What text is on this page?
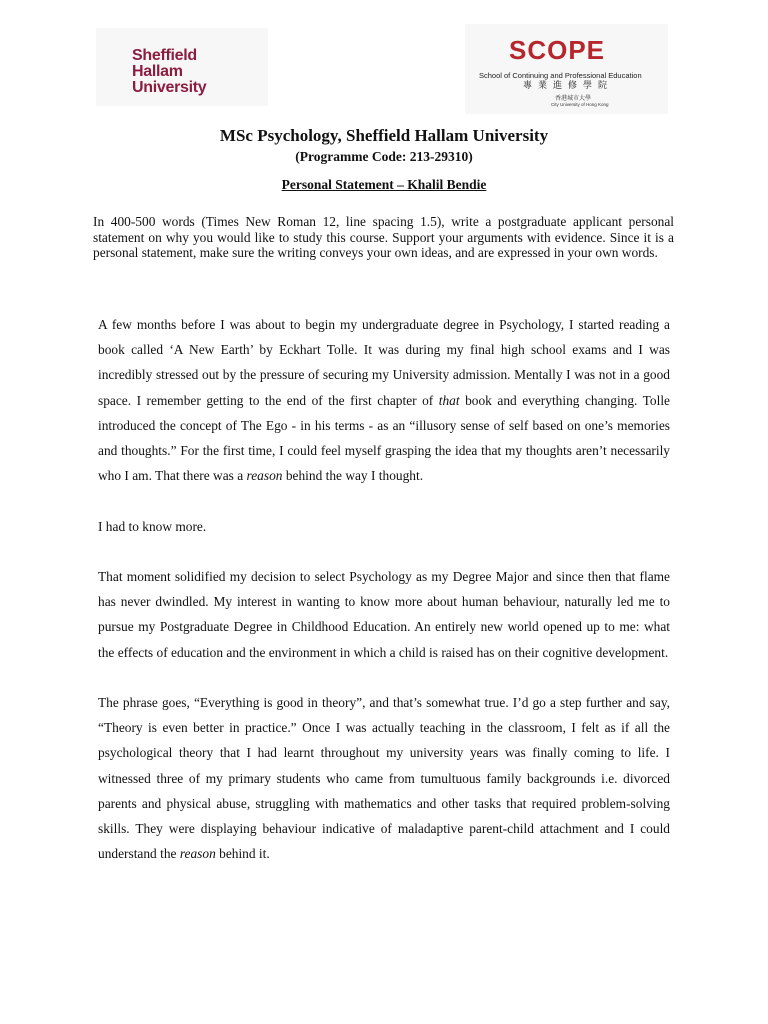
Sheffield
Hallam
University
SCOPE
School of Continuing and Professional Education
專業進修學院
香港城市大學
City University of Hong Kong
MSc Psychology, Sheffield Hallam University
(Programme Code: 213-29310)
Personal Statement – Khalil Bendie
In 400-500 words (Times New Roman 12, line spacing 1.5), write a postgraduate applicant personal statement on why you would like to study this course. Support your arguments with evidence. Since it is a personal statement, make sure the writing conveys your own ideas, and are expressed in your own words.

A few months before I was about to begin my undergraduate degree in Psychology, I started reading a book called ‘A New Earth’ by Eckhart Tolle. It was during my final high school exams and I was incredibly stressed out by the pressure of securing my University admission. Mentally I was not in a good space. I remember getting to the end of the first chapter of that book and everything changing. Tolle introduced the concept of The Ego - in his terms - as an “illusory sense of self based on one’s memories and thoughts.” For the first time, I could feel myself grasping the idea that my thoughts aren’t necessarily who I am. That there was a reason behind the way I thought.

I had to know more.

That moment solidified my decision to select Psychology as my Degree Major and since then that flame has never dwindled. My interest in wanting to know more about human behaviour, naturally led me to pursue my Postgraduate Degree in Childhood Education. An entirely new world opened up to me: what the effects of education and the environment in which a child is raised has on their cognitive development.

The phrase goes, “Everything is good in theory”, and that’s somewhat true. I’d go a step further and say, “Theory is even better in practice.” Once I was actually teaching in the classroom, I felt as if all the psychological theory that I had learnt throughout my university years was finally coming to life. I witnessed three of my primary students who came from tumultuous family backgrounds i.e. divorced parents and physical abuse, struggling with mathematics and other tasks that required problem-solving skills. They were displaying behaviour indicative of maladaptive parent-child attachment and I could understand the reason behind it.
